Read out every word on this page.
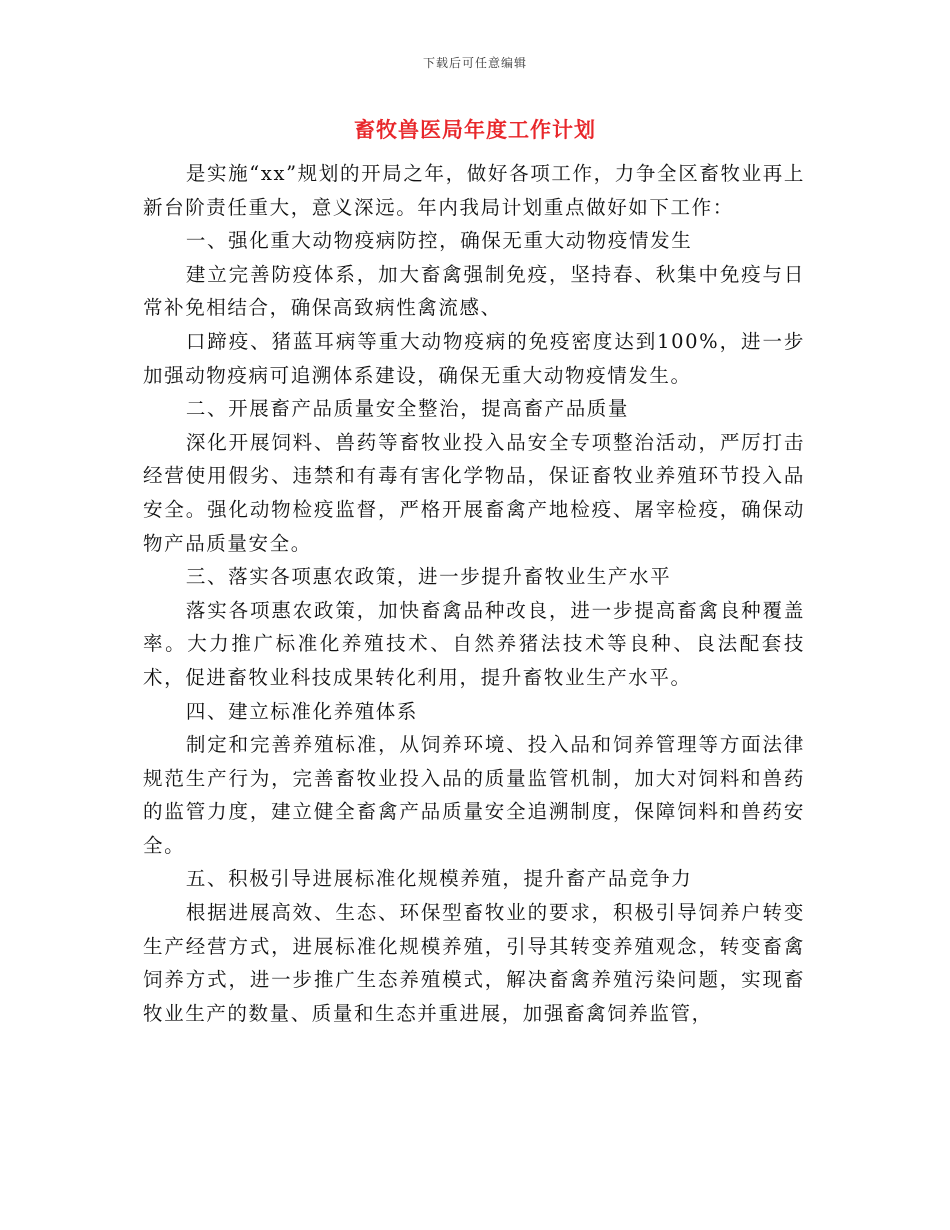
下载后可任意编辑
畜牧兽医局年度工作计划

是实施“xx”规划的开局之年，做好各项工作，力争全区畜牧业再上新台阶责任重大，意义深远。年内我局计划重点做好如下工作：

一、强化重大动物疫病防控，确保无重大动物疫情发生

建立完善防疫体系，加大畜禽强制免疫，坚持春、秋集中免疫与日常补免相结合，确保高致病性禽流感、

口蹄疫、猪蓝耳病等重大动物疫病的免疫密度达到100%，进一步加强动物疫病可追溯体系建设，确保无重大动物疫情发生。

二、开展畜产品质量安全整治，提高畜产品质量

深化开展饲料、兽药等畜牧业投入品安全专项整治活动，严厉打击经营使用假劣、违禁和有毒有害化学物品，保证畜牧业养殖环节投入品安全。强化动物检疫监督，严格开展畜禽产地检疫、屠宰检疫，确保动物产品质量安全。

三、落实各项惠农政策，进一步提升畜牧业生产水平

落实各项惠农政策，加快畜禽品种改良，进一步提高畜禽良种覆盖率。大力推广标准化养殖技术、自然养猪法技术等良种、良法配套技术，促进畜牧业科技成果转化利用，提升畜牧业生产水平。

四、建立标准化养殖体系

制定和完善养殖标准，从饲养环境、投入品和饲养管理等方面法律规范生产行为，完善畜牧业投入品的质量监管机制，加大对饲料和兽药的监管力度，建立健全畜禽产品质量安全追溯制度，保障饲料和兽药安全。

五、积极引导进展标准化规模养殖，提升畜产品竞争力

根据进展高效、生态、环保型畜牧业的要求，积极引导饲养户转变生产经营方式，进展标准化规模养殖，引导其转变养殖观念，转变畜禽饲养方式，进一步推广生态养殖模式，解决畜禽养殖污染问题，实现畜牧业生产的数量、质量和生态并重进展，加强畜禽饲养监管，
